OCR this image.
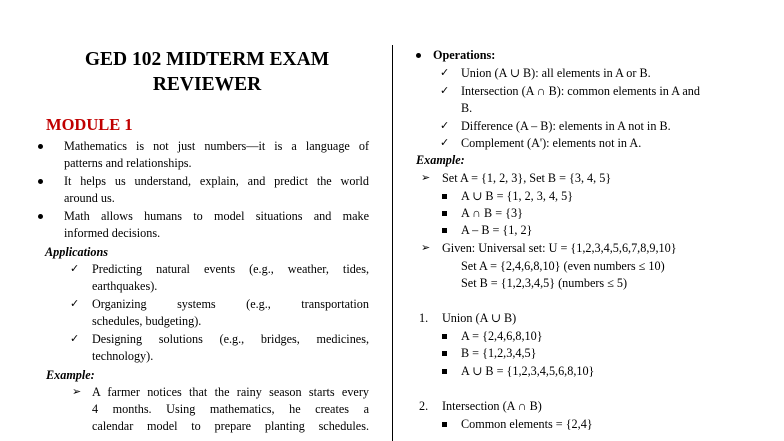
GED 102 MIDTERM EXAM
REVIEWER
MODULE 1
Mathematics is not just numbers—it is a language of
patterns and relationships.
It helps us understand, explain, and predict the world
around us.
Math allows humans to model situations and make
informed decisions.
Applications
✓ Predicting natural events (e.g., weather, tides,
earthquakes).
✓ Organizing systems (e.g., transportation
schedules, budgeting).
✓ Designing solutions (e.g., bridges, medicines,
technology).
Example:
➢ A farmer notices that the rainy season starts every
4 months. Using mathematics, he creates a
calendar model to prepare planting schedules.
Operations:
✓ Union (A ∪ B): all elements in A or B.
✓ Intersection (A ∩ B): common elements in A and
B.
✓ Difference (A – B): elements in A not in B.
✓ Complement (A'): elements not in A.
Example:
➢ Set A = {1, 2, 3}, Set B = {3, 4, 5}
A ∪ B = {1, 2, 3, 4, 5}
A ∩ B = {3}
A – B = {1, 2}
➢ Given: Universal set: U = {1,2,3,4,5,6,7,8,9,10}
Set A = {2,4,6,8,10} (even numbers ≤ 10)
Set B = {1,2,3,4,5} (numbers ≤ 5)
1. Union (A ∪ B)
A = {2,4,6,8,10}
B = {1,2,3,4,5}
A ∪ B = {1,2,3,4,5,6,8,10}
2. Intersection (A ∩ B)
Common elements = {2,4}
